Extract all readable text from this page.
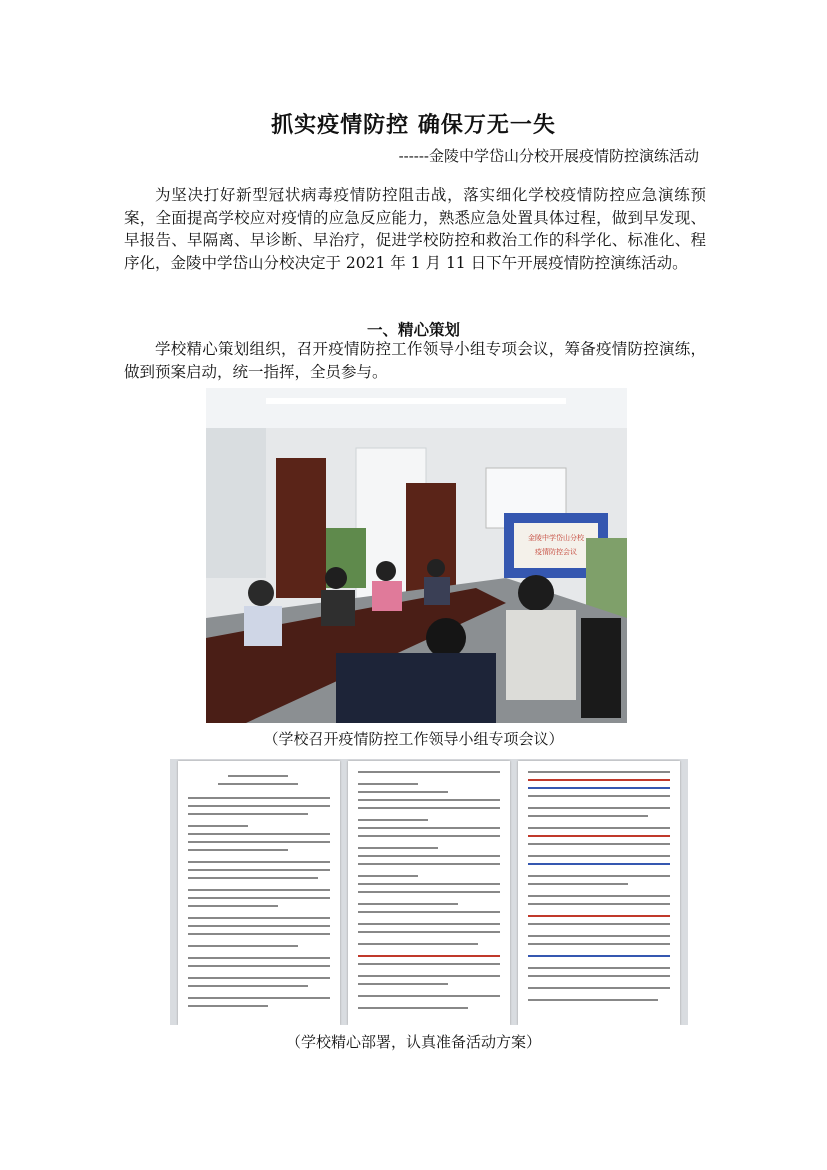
抓实疫情防控 确保万无一失
------金陵中学岱山分校开展疫情防控演练活动
为坚决打好新型冠状病毒疫情防控阻击战，落实细化学校疫情防控应急演练预案，全面提高学校应对疫情的应急反应能力，熟悉应急处置具体过程，做到早发现、早报告、早隔离、早诊断、早治疗，促进学校防控和救治工作的科学化、标准化、程序化，金陵中学岱山分校决定于 2021 年 1 月 11 日下午开展疫情防控演练活动。
一、精心策划
学校精心策划组织，召开疫情防控工作领导小组专项会议，筹备疫情防控演练，做到预案启动，统一指挥，全员参与。
金陵中学岱山分校
疫情防控会议
（学校召开疫情防控工作领导小组专项会议）
（学校精心部署，认真准备活动方案）
